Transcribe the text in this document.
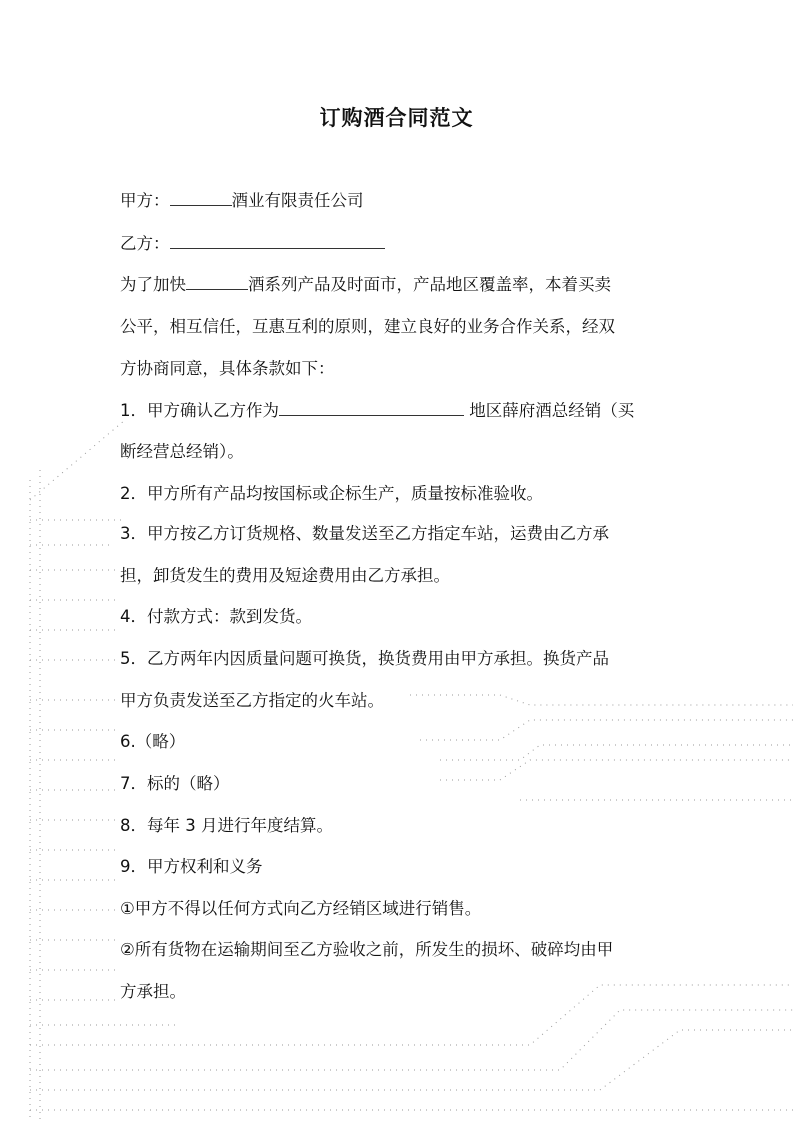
订购酒合同范文
甲方：	酒业有限责任公司
乙方：
为了加快	酒系列产品及时面市，产品地区覆盖率，本着买卖
公平，相互信任，互惠互利的原则，建立良好的业务合作关系，经双
方协商同意，具体条款如下：
1．甲方确认乙方作为	地区薛府酒总经销（买
断经营总经销）。
2．甲方所有产品均按国标或企标生产，质量按标准验收。
3．甲方按乙方订货规格、数量发送至乙方指定车站，运费由乙方承
担，卸货发生的费用及短途费用由乙方承担。
4．付款方式：款到发货。
5．乙方两年内因质量问题可换货，换货费用由甲方承担。换货产品
甲方负责发送至乙方指定的火车站。
6.（略）
7．标的（略）
8．每年 3 月进行年度结算。
9．甲方权利和义务
①甲方不得以任何方式向乙方经销区域进行销售。
②所有货物在运输期间至乙方验收之前，所发生的损坏、破碎均由甲
方承担。
